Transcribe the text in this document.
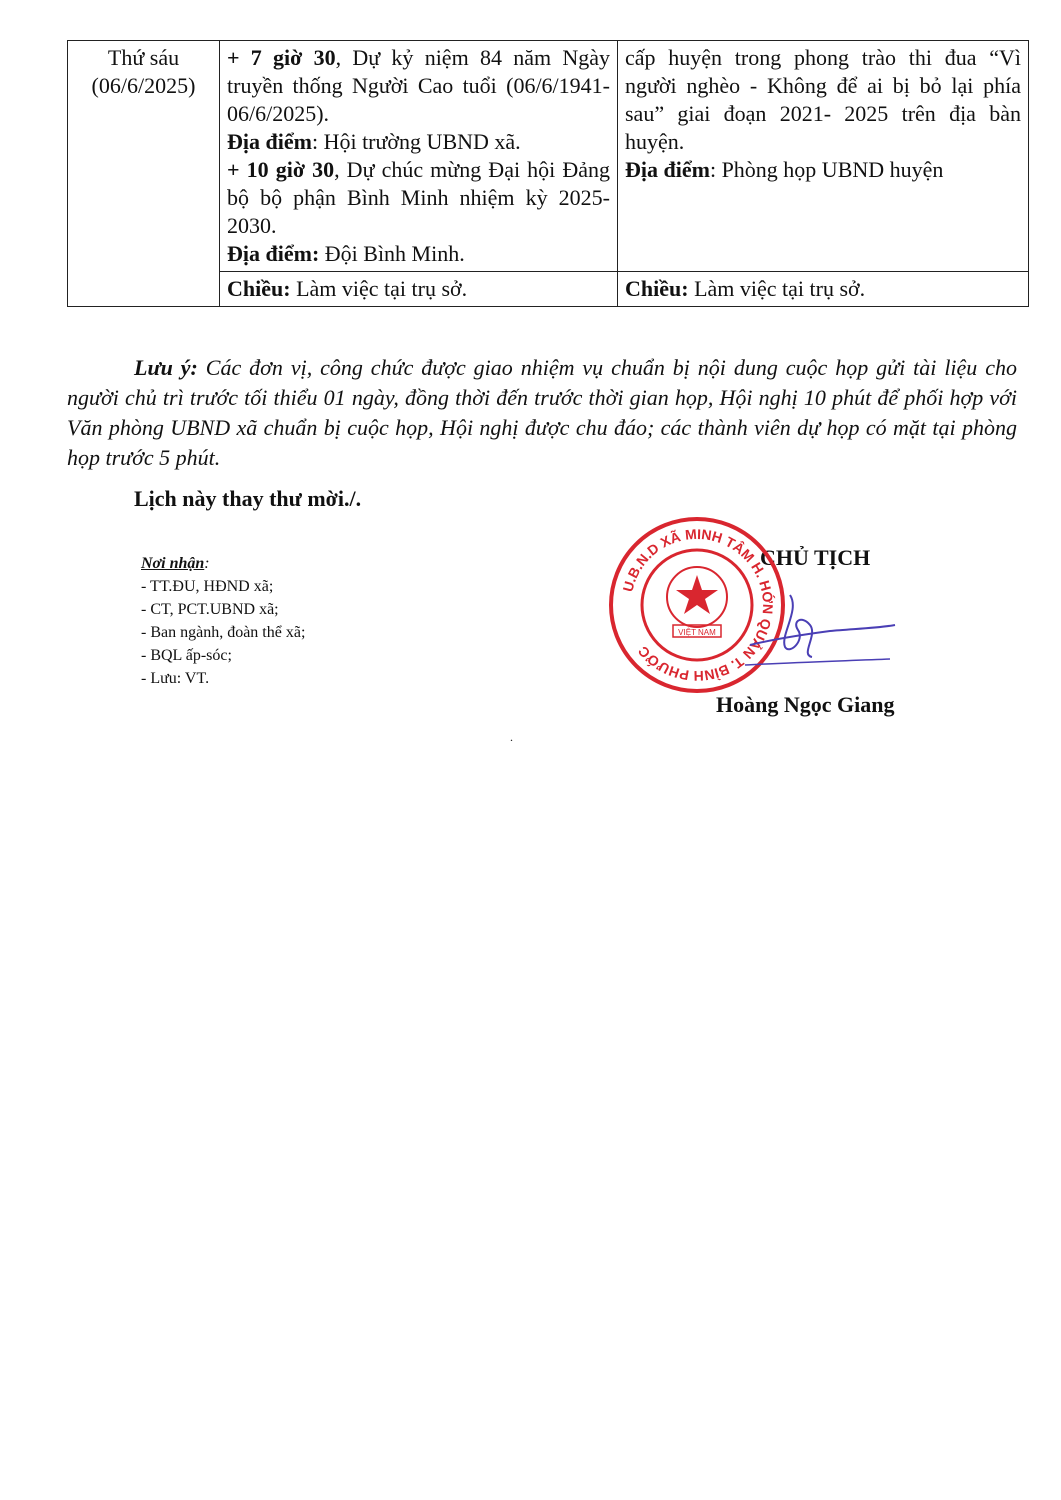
Thứ sáu
(06/6/2025)	+ 7 giờ 30, Dự kỷ niệm 84 năm Ngày truyền thống Người Cao tuổi (06/6/1941-06/6/2025).
Địa điểm: Hội trường UBND xã.
+ 10 giờ 30, Dự chúc mừng Đại hội Đảng bộ bộ phận Bình Minh nhiệm kỳ 2025-2030.
Địa điểm: Đội Bình Minh.	cấp huyện trong phong trào thi đua “Vì người nghèo - Không để ai bị bỏ lại phía sau” giai đoạn 2021- 2025 trên địa bàn huyện.
Địa điểm: Phòng họp UBND huyện

	Chiều: Làm việc tại trụ sở.	Chiều: Làm việc tại trụ sở.
Lưu ý: Các đơn vị, công chức được giao nhiệm vụ chuẩn bị nội dung cuộc họp gửi tài liệu cho người chủ trì trước tối thiểu 01 ngày, đồng thời đến trước thời gian họp, Hội nghị 10 phút để phối hợp với Văn phòng UBND xã chuẩn bị cuộc họp, Hội nghị được chu đáo; các thành viên dự họp có mặt tại phòng họp trước 5 phút.
Lịch này thay thư mời./.
Nơi nhận:
- TT.ĐU, HĐND xã;
- CT, PCT.UBND xã;
- Ban ngành, đoàn thể xã;
- BQL ấp-sóc;
- Lưu: VT.
CHỦ TỊCH
U.B.N.D XÃ MINH TÂM H. HỚN QUẢN T. BÌNH PHƯỚC
VIỆT NAM
Hoàng Ngọc Giang
.
